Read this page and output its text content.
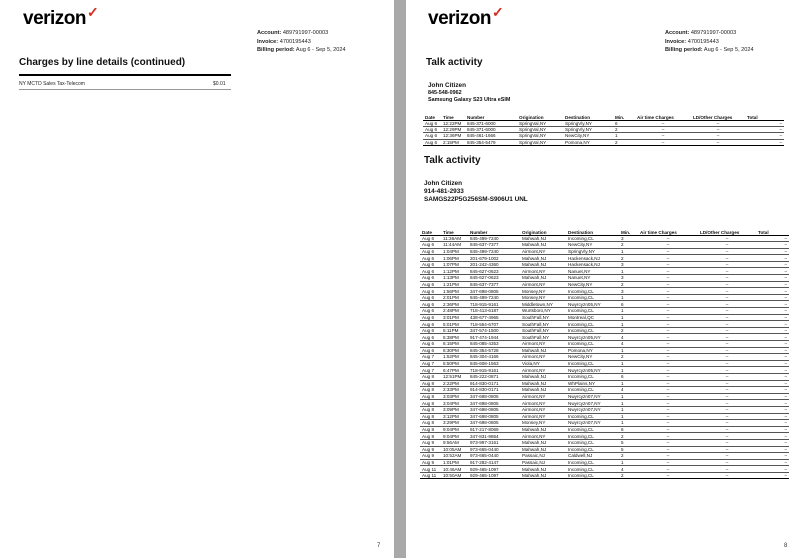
verizon✓
Account: 489791997-00003
Invoice: 4700195443
Billing period: Aug 6 - Sep 5, 2024
Charges by line details (continued)
NY MCTD Sales Tax-Telecom	$0.01
7
verizon✓
Account: 489791997-00003
Invoice: 4700195443
Billing period: Aug 6 - Sep 5, 2024
Talk activity
John Citizen
845-548-0962
Samsung Galaxy S23 Ultra eSIM
Date	Time	Number	Origination	Destination	Min.	Air time Charges	LD/Other Charges	Total
Aug 6	12:22PM	845-371-6000	SpringVal,NY	SpringVly,NY	6	–	–	–
Aug 6	12:29PM	845-371-6000	SpringVal,NY	SpringVly,NY	2	–	–	–
Aug 6	12:36PM	845-461-1666	SpringVal,NY	NewCity,NY	1	–	–	–
Aug 6	2:15PM	845-354-5479	SpringVal,NY	Pomona,NY	2	–	–	–
Talk activity
John Citizen
914-481-2933
SAMGS22P5G256SM-S906U1 UNL
Date	Time	Number	Origination	Destination	Min.	Air time Charges	LD/Other Charges	Total
Aug 6	11:36AM	845-499-7240	Mahwah,NJ	Incoming,CL	3	–	–	–
Aug 6	11:44AM	845-637-7377	Mahwah,NJ	NewCity,NY	2	–	–	–
Aug 6	1:04PM	845-499-7240	Airmont,NY	SpringVly,NY	1	–	–	–
Aug 6	1:06PM	201-679-1002	Mahwah,NJ	Hackensack,NJ	2	–	–	–
Aug 6	1:07PM	201-242-4360	Mahwah,NJ	Hackensack,NJ	3	–	–	–
Aug 6	1:12PM	845-627-0623	Airmont,NY	Nanuet,NY	1	–	–	–
Aug 6	1:13PM	845-627-0623	Mahwah,NJ	Nanuet,NY	3	–	–	–
Aug 6	1:21PM	845-637-7377	Airmont,NY	NewCity,NY	2	–	–	–
Aug 6	1:56PM	347-698-0805	Monsey,NY	Incoming,CL	3	–	–	–
Aug 6	2:01PM	845-499-7240	Monsey,NY	Incoming,CL	1	–	–	–
Aug 6	2:36PM	718-915-9161	Middletown,NY	Nwyrcyzn05,NY	6	–	–	–
Aug 6	2:48PM	718-413-6187	Wurtsboro,NY	Incoming,CL	1	–	–	–
Aug 6	3:01PM	438-677-4965	SouthFall,NY	Montreal,QC	1	–	–	–
Aug 6	5:01PM	718-554-6707	SouthFall,NY	Incoming,CL	1	–	–	–
Aug 6	5:11PM	347-574-1500	SouthFall,NY	Incoming,CL	2	–	–	–
Aug 6	5:38PM	917-474-1944	SouthFall,NY	Nwyrcyzn05,NY	4	–	–	–
Aug 6	6:15PM	845-085-4353	Airmont,NY	Incoming,CL	4	–	–	–
Aug 6	6:30PM	845-354-5728	Mahwah,NJ	Pomona,NY	1	–	–	–
Aug 7	1:52PM	845-304-4166	Airmont,NY	NewCity,NY	2	–	–	–
Aug 7	5:50PM	845-608-1563	Viola,NY	Incoming,CL	1	–	–	–
Aug 7	6:47PM	718-915-9161	Airmont,NY	Nwyrcyzn05,NY	1	–	–	–
Aug 8	12:51PM	845-222-0871	Mahwah,NJ	Incoming,CL	6	–	–	–
Aug 8	2:22PM	914-830-0171	Mahwah,NJ	WhPlains,NY	1	–	–	–
Aug 8	2:33PM	914-830-0171	Mahwah,NJ	Incoming,CL	4	–	–	–
Aug 8	3:03PM	347-698-0805	Airmont,NY	Nwyrcyzn07,NY	1	–	–	–
Aug 8	3:04PM	347-698-0805	Airmont,NY	Nwyrcyzn07,NY	1	–	–	–
Aug 8	3:09PM	347-698-0805	Airmont,NY	Nwyrcyzn07,NY	1	–	–	–
Aug 8	3:12PM	347-698-0805	Airmont,NY	Incoming,CL	1	–	–	–
Aug 8	3:29PM	347-698-0805	Monsey,NY	Nwyrcyzn07,NY	1	–	–	–
Aug 8	9:04PM	917-217-8069	Mahwah,NJ	Incoming,CL	6	–	–	–
Aug 8	9:04PM	347-831-9864	Airmont,NY	Incoming,CL	2	–	–	–
Aug 9	9:56AM	973-997-3161	Mahwah,NJ	Incoming,CL	5	–	–	–
Aug 9	10:05AM	973-665-0440	Mahwah,NJ	Incoming,CL	5	–	–	–
Aug 9	10:52AM	973-665-0440	Passaic,NJ	Caldwell,NJ	2	–	–	–
Aug 9	1:01PM	917-282-4147	Passaic,NJ	Incoming,CL	1	–	–	–
Aug 11	10:46AM	929-465-1097	Mahwah,NJ	Incoming,CL	4	–	–	–
Aug 11	10:50AM	929-465-1097	Mahwah,NJ	Incoming,CL	2	–	–	–
8
